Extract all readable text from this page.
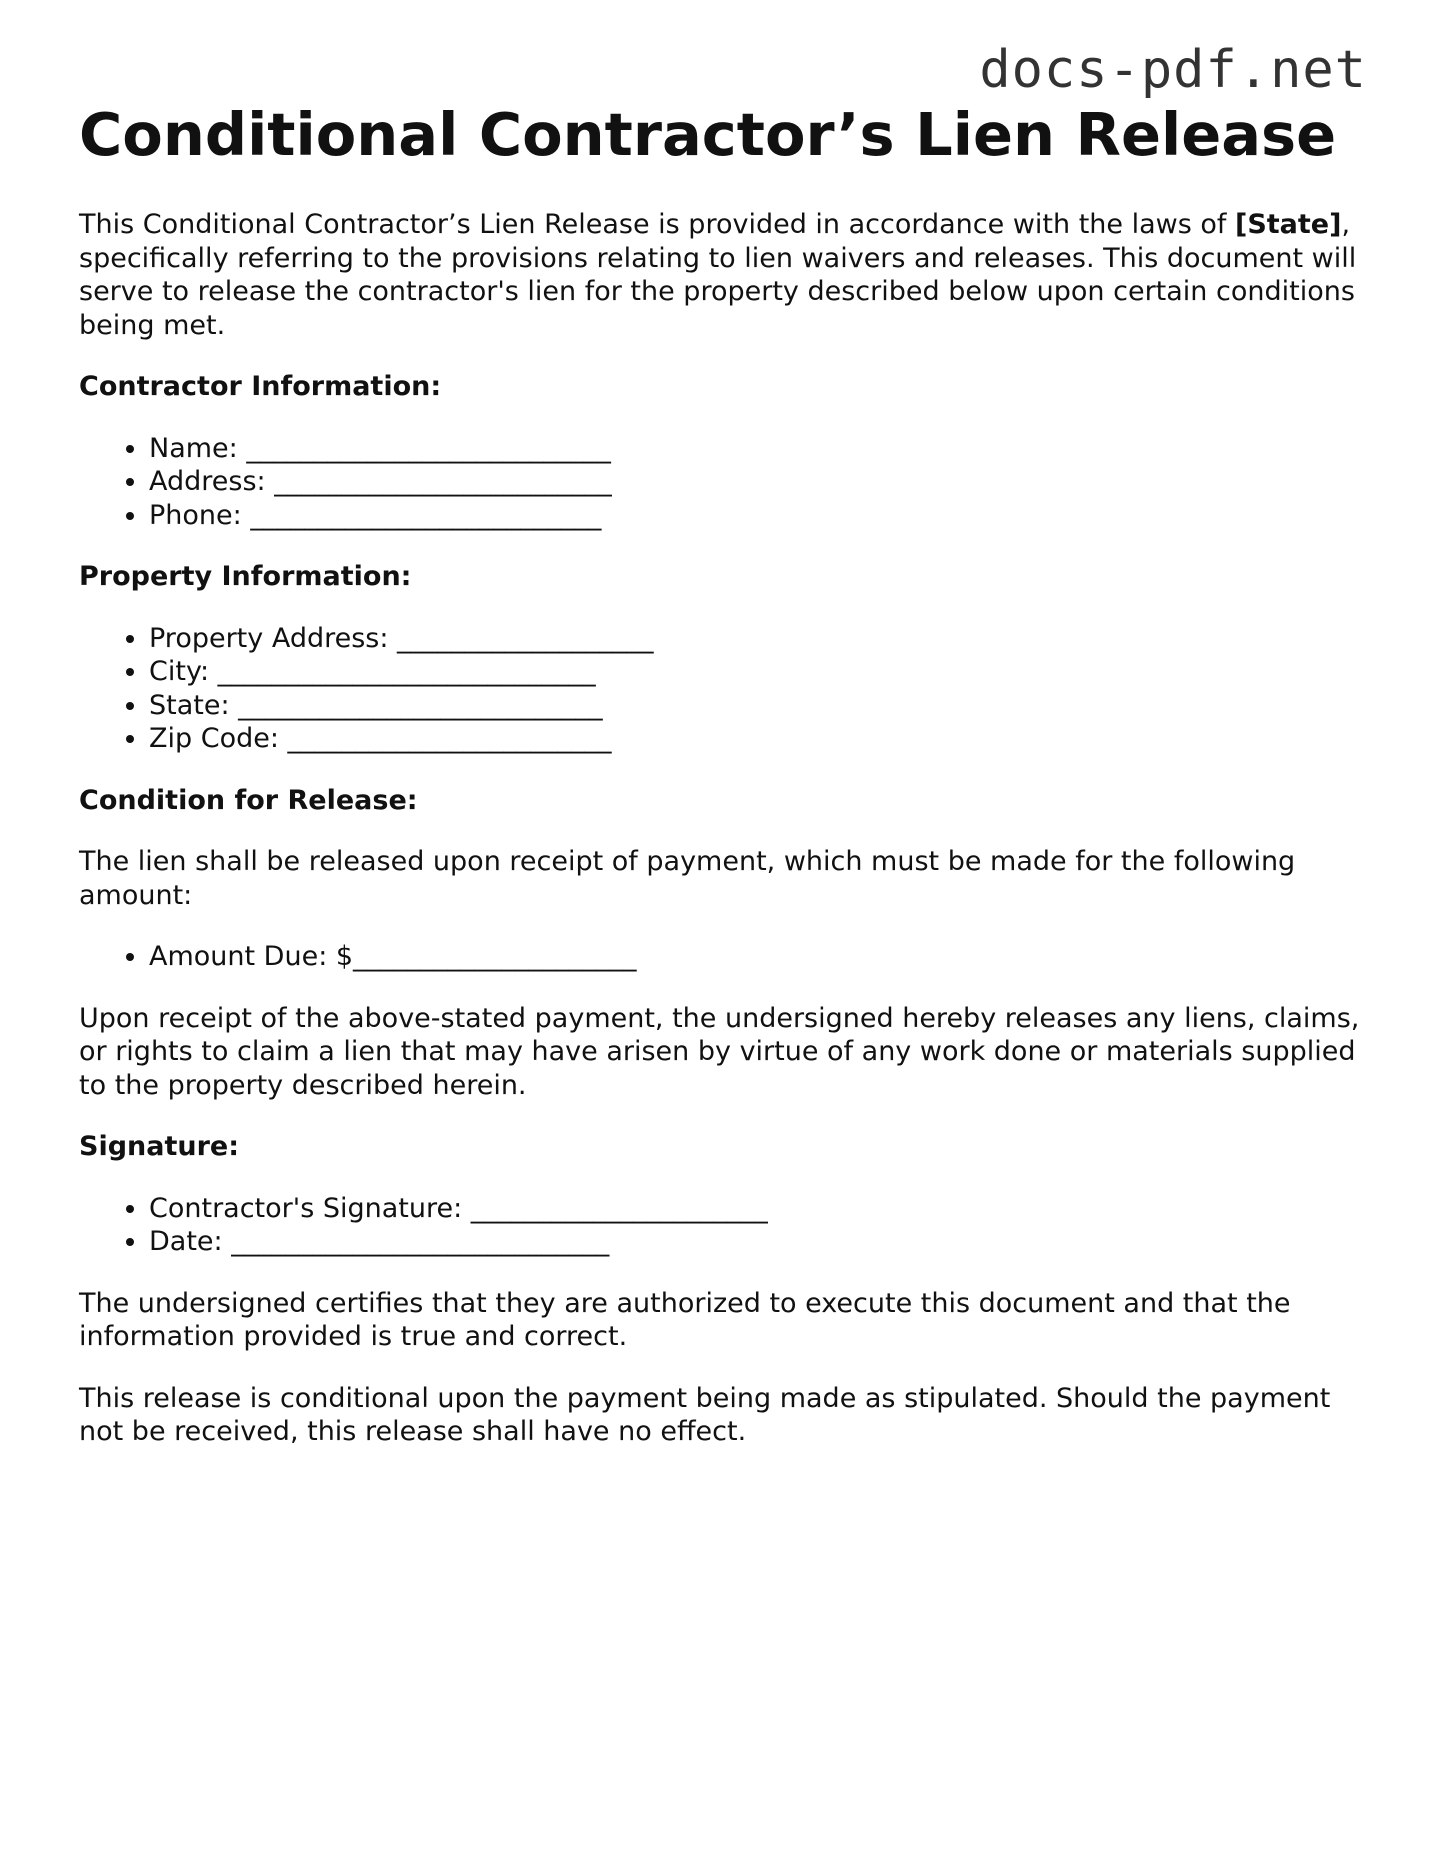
docs-pdf.net
Conditional Contractor’s Lien Release

This Conditional Contractor’s Lien Release is provided in accordance with the laws of [State], specifically referring to the provisions relating to lien waivers and releases. This document will serve to release the contractor's lien for the property described below upon certain conditions being met.

Contractor Information:
• Name: ___________________________
• Address: _________________________
• Phone: __________________________
Property Information:
• Property Address: ___________________
• City: ____________________________
• State: ___________________________
• Zip Code: ________________________
Condition for Release:

The lien shall be released upon receipt of payment, which must be made for the following amount:

• Amount Due: $_____________________

Upon receipt of the above-stated payment, the undersigned hereby releases any liens, claims, or rights to claim a lien that may have arisen by virtue of any work done or materials supplied to the property described herein.

Signature:
• Contractor's Signature: ______________________
• Date: ____________________________

The undersigned certifies that they are authorized to execute this document and that the information provided is true and correct.

This release is conditional upon the payment being made as stipulated. Should the payment not be received, this release shall have no effect.
